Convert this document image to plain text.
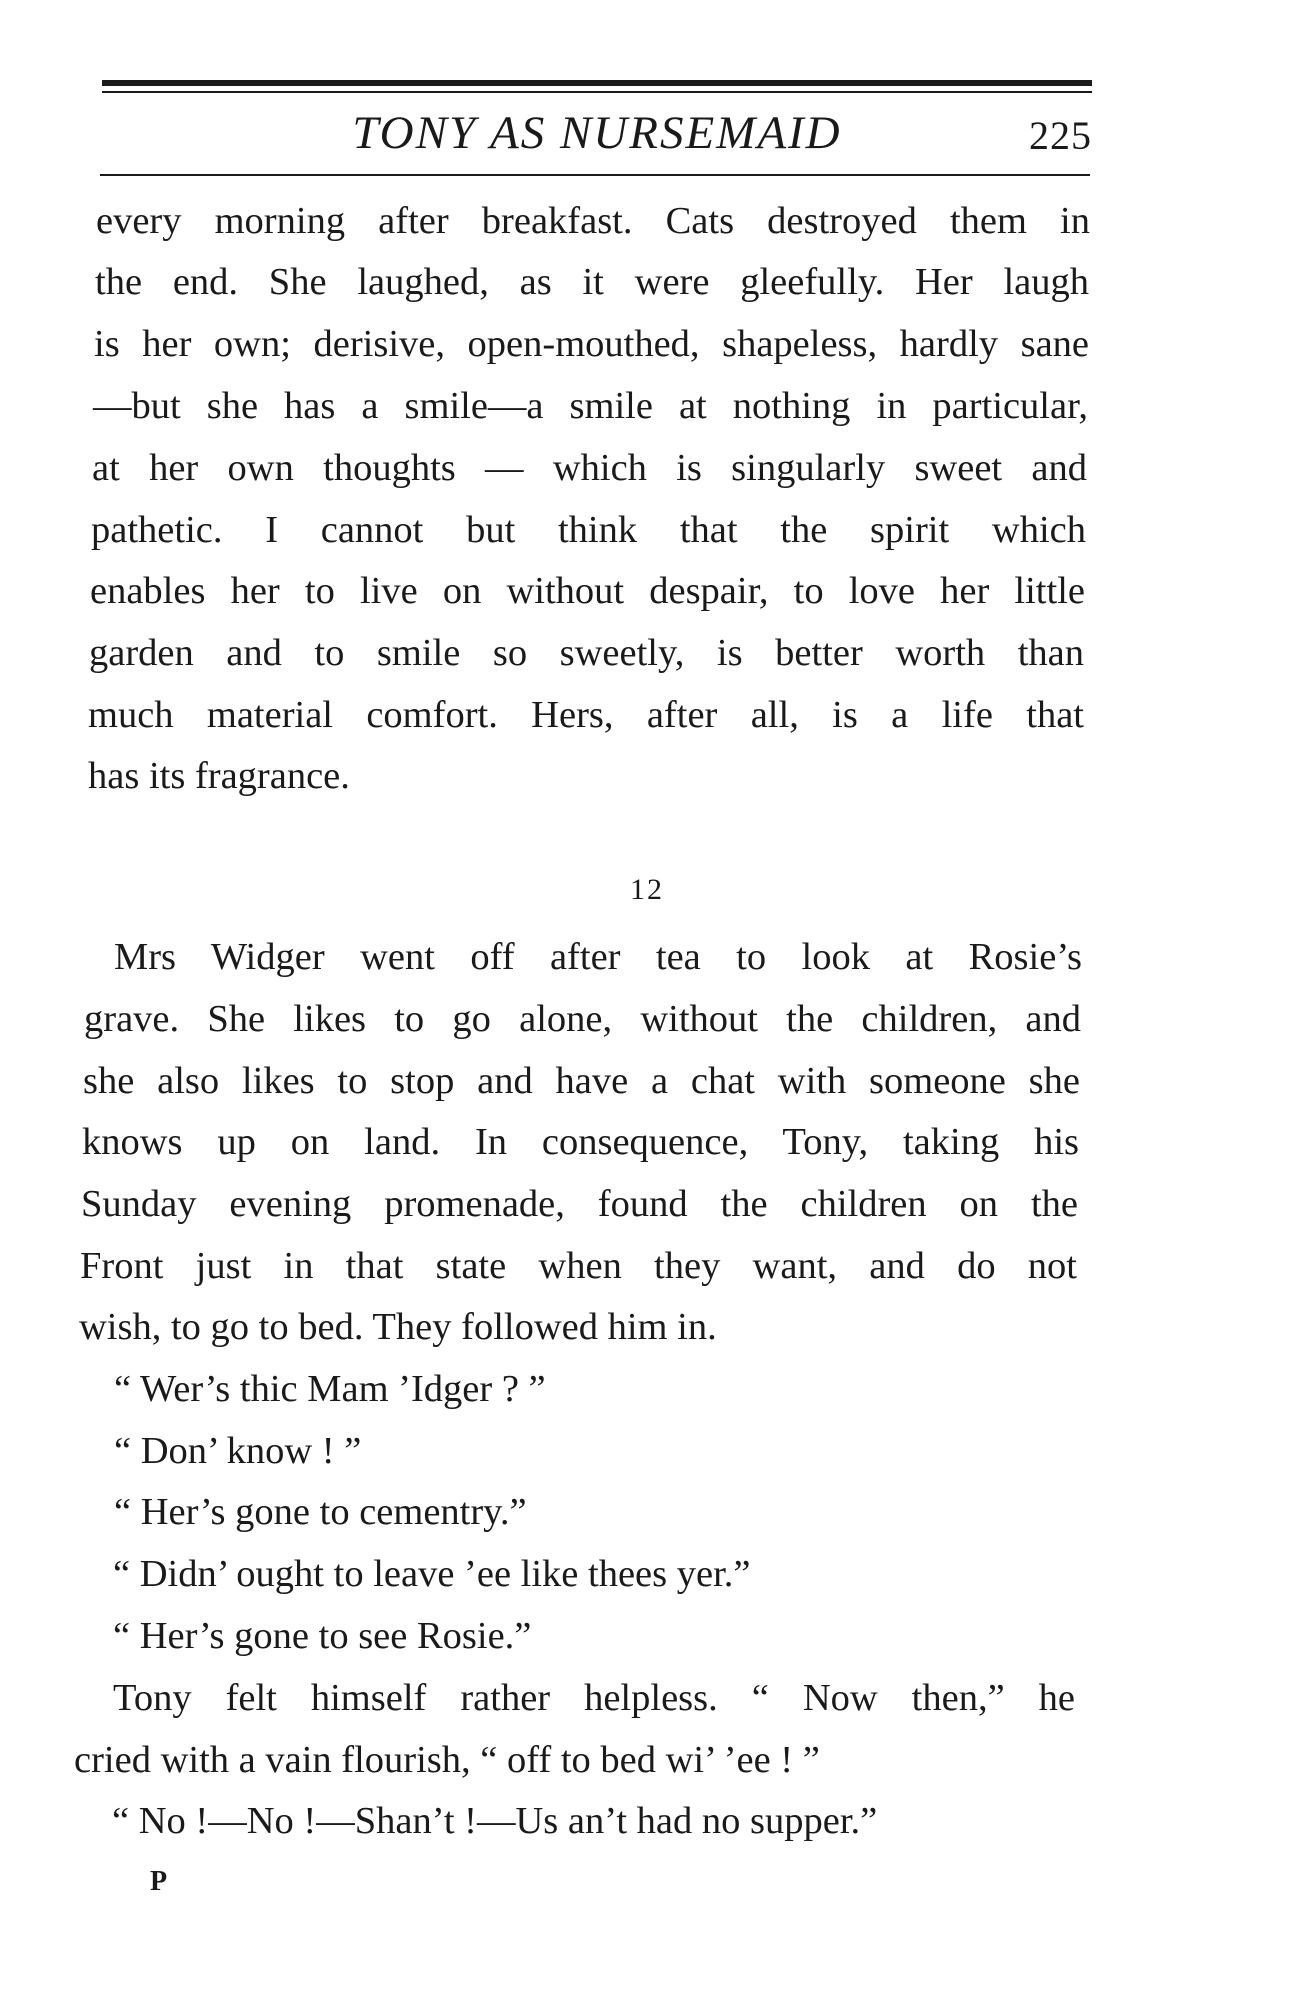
TONY AS NURSEMAID	225
every morning after breakfast. Cats destroyed them in
the end. She laughed, as it were gleefully. Her laugh
is her own; derisive, open-mouthed, shapeless, hardly sane
—but she has a smile—a smile at nothing in particular,
at her own thoughts — which is singularly sweet and
pathetic. I cannot but think that the spirit which
enables her to live on without despair, to love her little
garden and to smile so sweetly, is better worth than
much material comfort. Hers, after all, is a life that
has its fragrance.
12
Mrs Widger went off after tea to look at Rosie’s
grave. She likes to go alone, without the children, and
she also likes to stop and have a chat with someone she
knows up on land. In consequence, Tony, taking his
Sunday evening promenade, found the children on the
Front just in that state when they want, and do not
wish, to go to bed. They followed him in.
“ Wer’s thic Mam ’Idger ? ”
“ Don’ know ! ”
“ Her’s gone to cementry.”
“ Didn’ ought to leave ’ee like thees yer.”
“ Her’s gone to see Rosie.”
Tony felt himself rather helpless. “ Now then,” he
cried with a vain flourish, “ off to bed wi’ ’ee ! ”
“ No !—No !—Shan’t !—Us an’t had no supper.”
P
